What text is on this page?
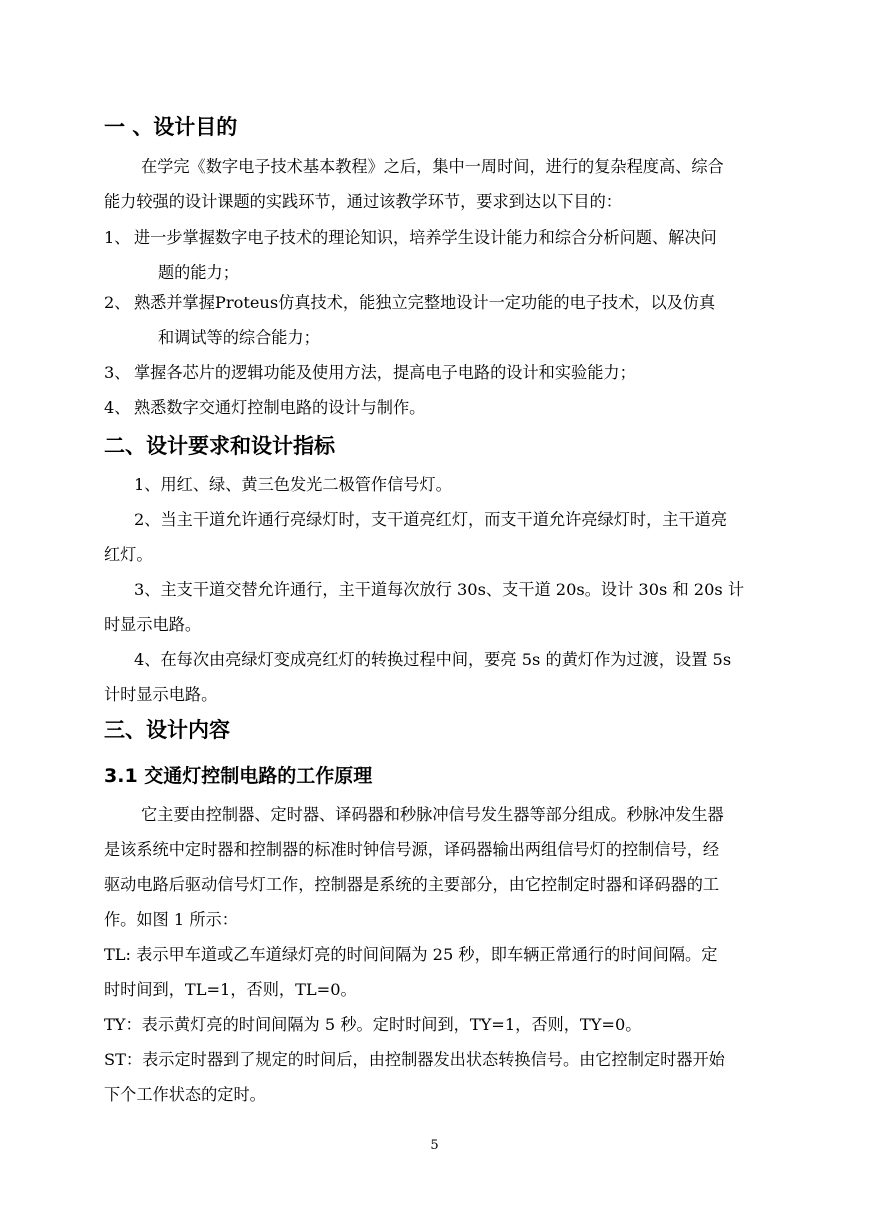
一 、设计目的
在学完《数字电子技术基本教程》之后，集中一周时间，进行的复杂程度高、综合
能力较强的设计课题的实践环节，通过该教学环节，要求到达以下目的：
1、 进一步掌握数字电子技术的理论知识，培养学生设计能力和综合分析问题、解决问
题的能力；
2、 熟悉并掌握Proteus仿真技术，能独立完整地设计一定功能的电子技术，以及仿真
和调试等的综合能力；
3、 掌握各芯片的逻辑功能及使用方法，提高电子电路的设计和实验能力；
4、 熟悉数字交通灯控制电路的设计与制作。
二、设计要求和设计指标
1、用红、绿、黄三色发光二极管作信号灯。
2、当主干道允许通行亮绿灯时，支干道亮红灯，而支干道允许亮绿灯时，主干道亮
红灯。
3、主支干道交替允许通行，主干道每次放行 30s、支干道 20s。设计 30s 和 20s 计
时显示电路。
4、在每次由亮绿灯变成亮红灯的转换过程中间，要亮 5s 的黄灯作为过渡，设置 5s
计时显示电路。
三、设计内容
3.1 交通灯控制电路的工作原理
它主要由控制器、定时器、译码器和秒脉冲信号发生器等部分组成。秒脉冲发生器
是该系统中定时器和控制器的标准时钟信号源，译码器输出两组信号灯的控制信号，经
驱动电路后驱动信号灯工作，控制器是系统的主要部分，由它控制定时器和译码器的工
作。如图 1 所示：
TL: 表示甲车道或乙车道绿灯亮的时间间隔为 25 秒，即车辆正常通行的时间间隔。定
时时间到，TL=1，否则，TL=0。
TY：表示黄灯亮的时间间隔为 5 秒。定时时间到，TY=1，否则，TY=0。
ST：表示定时器到了规定的时间后，由控制器发出状态转换信号。由它控制定时器开始
下个工作状态的定时。
5
